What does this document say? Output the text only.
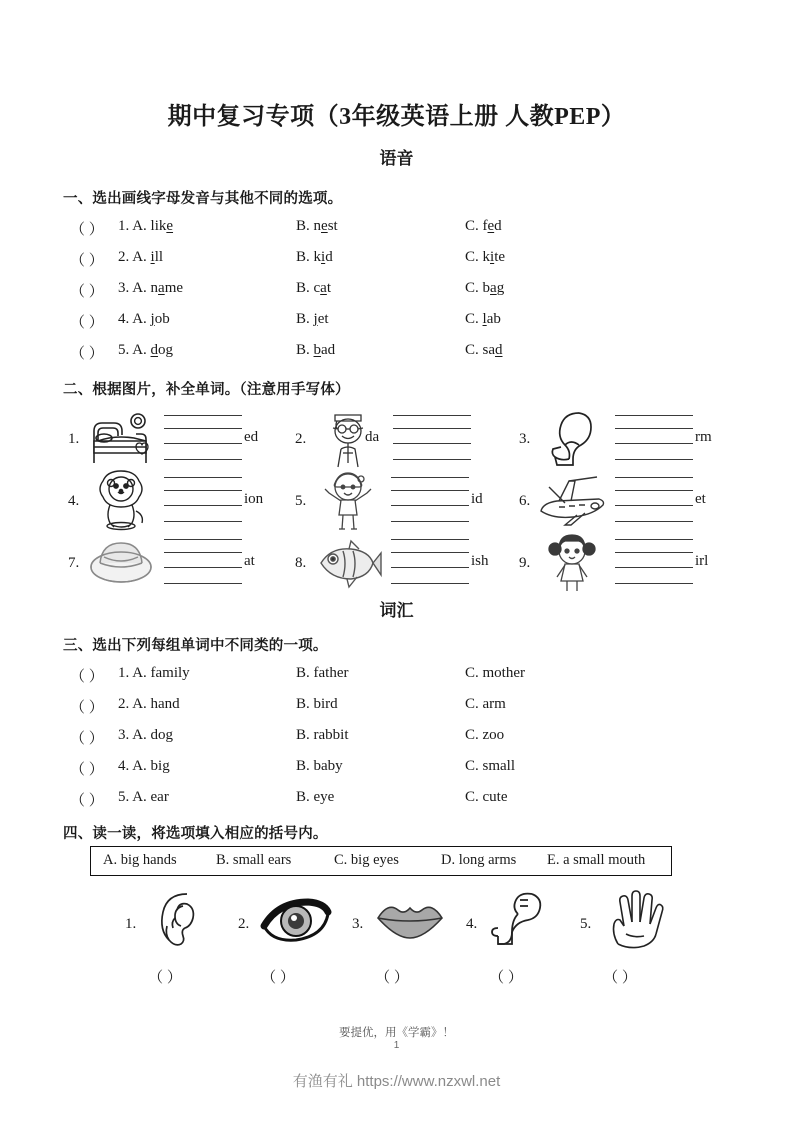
期中复习专项（3年级英语上册 人教PEP）
语音
一、选出画线字母发音与其他不同的选项。
（ ） 1. A. like	B. nest	C. fed
（ ） 2. A. ill	B. kid	C. kite
（ ） 3. A. name	B. cat	C. bag
（ ） 4. A. job	B. jet	C. lab
（ ） 5. A. dog	B. bad	C. sad
二、根据图片，补全单词。（注意用手写体）
1.	ed 2.	da	3.	rm
4.	ion 5.	id 6.	et
7.	at	8.	ish 9.	irl
词汇
三、选出下列每组单词中不同类的一项。
（ ） 1. A. family	B. father	C. mother
（ ） 2. A. hand	B. bird	C. arm
（ ） 3. A. dog	B. rabbit	C. zoo
（ ） 4. A. big	B. baby	C. small
（ ） 5. A. ear	B. eye	C. cute
四、读一读，将选项填入相应的括号内。
A. big hands	B. small ears	C. big eyes	D. long arms E. a small mouth
1.	2.	3.	4.	5.
（ ）	（ ）	（ ）	（ ）	（ ）
要提优，用《学霸》！
1
有渔有礼 https://www.nzxwl.net
